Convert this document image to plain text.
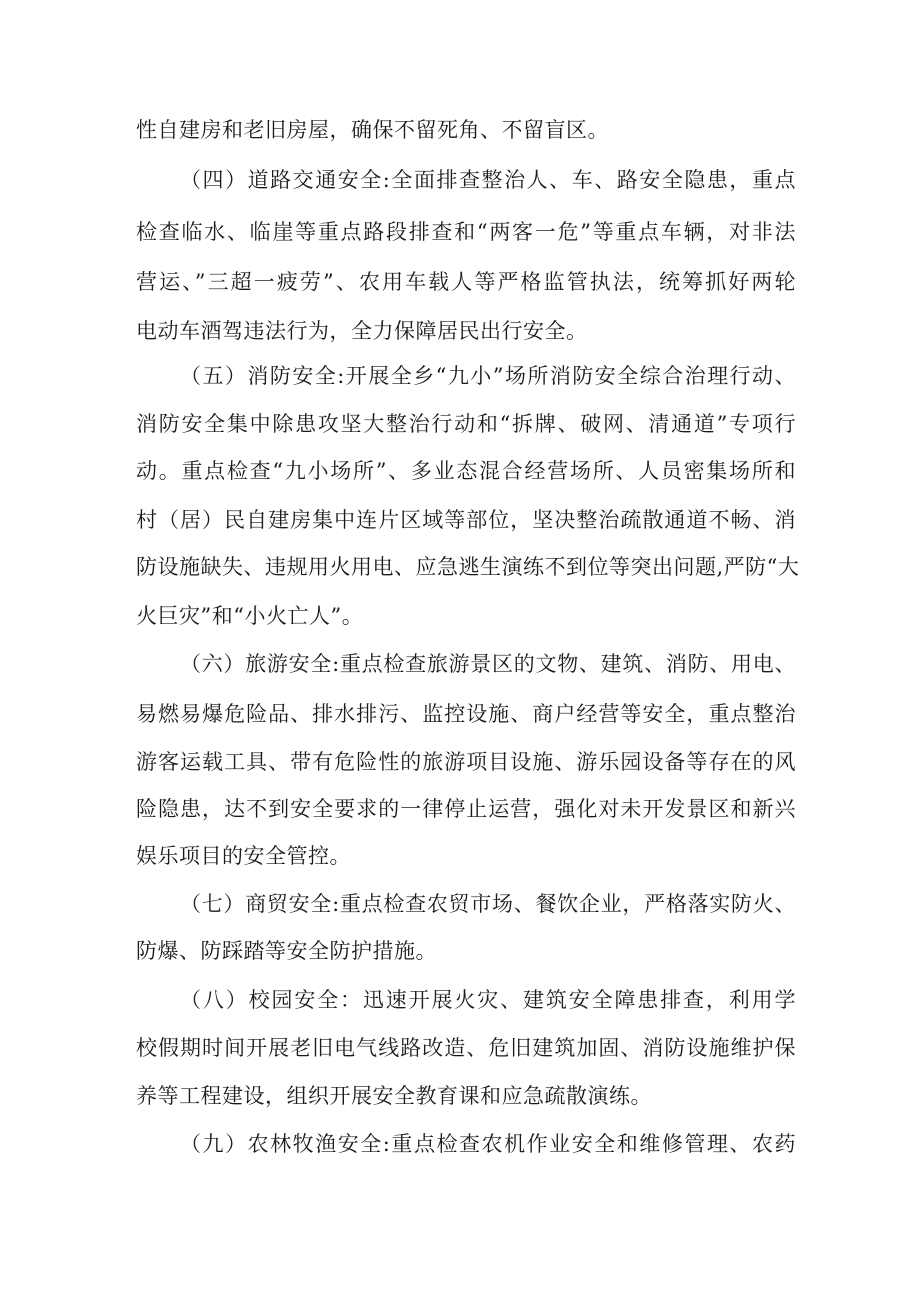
性自建房和老旧房屋，确保不留死角、不留盲区。
（四）道路交通安全:全面排查整治人、车、路安全隐患，重点
检查临水、临崖等重点路段排查和“两客一危”等重点车辆，对非法
营运、”三超一疲劳”、农用车载人等严格监管执法，统筹抓好两轮
电动车酒驾违法行为，全力保障居民出行安全。
（五）消防安全:开展全乡“九小”场所消防安全综合治理行动、
消防安全集中除患攻坚大整治行动和“拆牌、破网、清通道”专项行
动。重点检查“九小场所”、多业态混合经营场所、人员密集场所和
村（居）民自建房集中连片区域等部位，坚决整治疏散通道不畅、消
防设施缺失、违规用火用电、应急逃生演练不到位等突出问题,严防“大
火巨灾”和“小火亡人”。
（六）旅游安全:重点检查旅游景区的文物、建筑、消防、用电、
易燃易爆危险品、排水排污、监控设施、商户经营等安全，重点整治
游客运载工具、带有危险性的旅游项目设施、游乐园设备等存在的风
险隐患，达不到安全要求的一律停止运营，强化对未开发景区和新兴
娱乐项目的安全管控。
（七）商贸安全:重点检查农贸市场、餐饮企业，严格落实防火、
防爆、防踩踏等安全防护措施。
（八）校园安全：迅速开展火灾、建筑安全障患排查，利用学
校假期时间开展老旧电气线路改造、危旧建筑加固、消防设施维护保
养等工程建设，组织开展安全教育课和应急疏散演练。
（九）农林牧渔安全:重点检查农机作业安全和维修管理、农药
